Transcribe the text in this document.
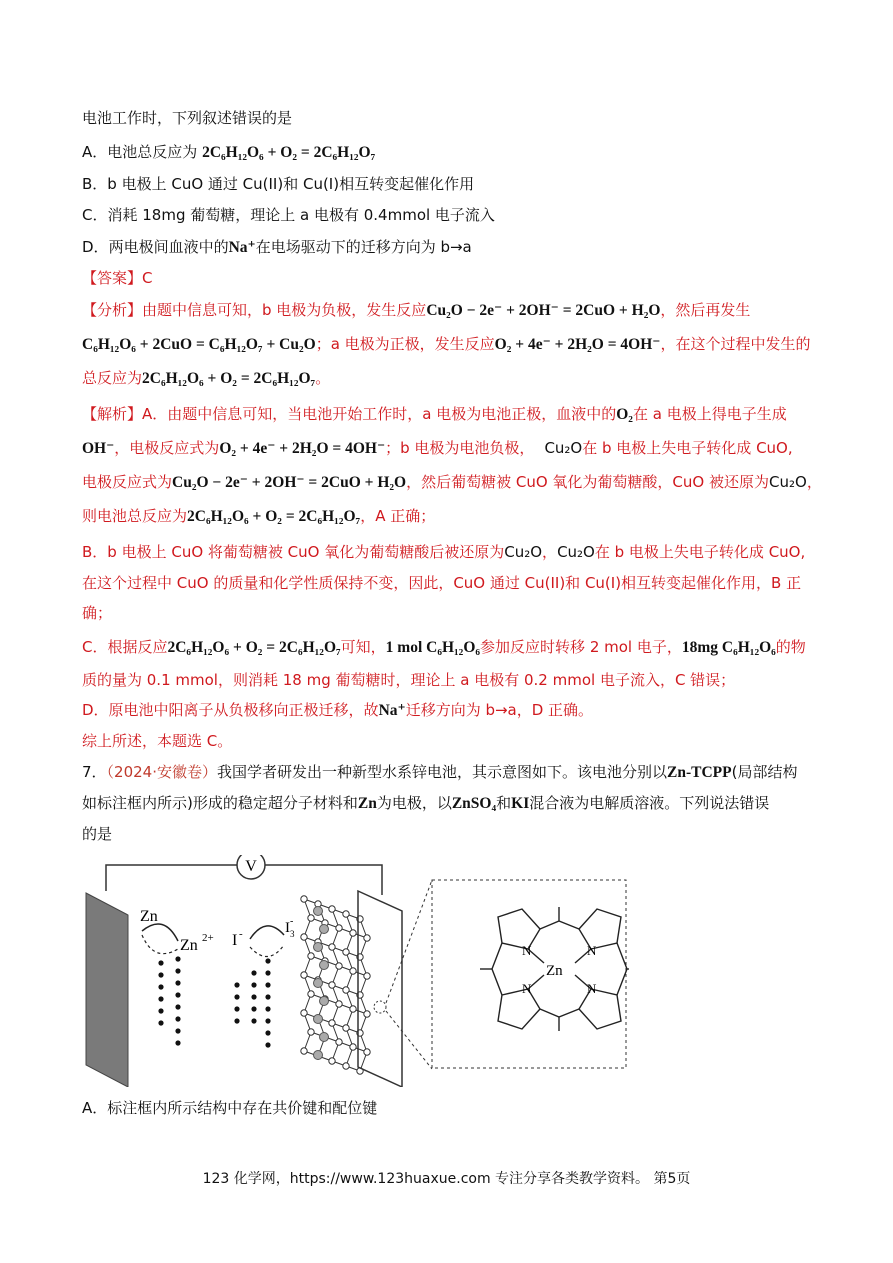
电池工作时，下列叙述错误的是
A．电池总反应为 2C₆H₁₂O₆ + O₂ = 2C₆H₁₂O₇
B．b 电极上 CuO 通过 Cu(II)和 Cu(I)相互转变起催化作用
C．消耗 18mg 葡萄糖，理论上 a 电极有 0.4mmol 电子流入
D．两电极间血液中的Na⁺在电场驱动下的迁移方向为 b→a
【答案】C
【分析】由题中信息可知，b 电极为负极，发生反应Cu₂O − 2e⁻ + 2OH⁻ = 2CuO + H₂O，然后再发生
C₆H₁₂O₆ + 2CuO = C₆H₁₂O₇ + Cu₂O；a 电极为正极，发生反应O₂ + 4e⁻ + 2H₂O = 4OH⁻，在这个过程中发生的
总反应为2C₆H₁₂O₆ + O₂ = 2C₆H₁₂O₇。
【解析】A．由题中信息可知，当电池开始工作时，a 电极为电池正极，血液中的O₂在 a 电极上得电子生成
OH⁻，电极反应式为O₂ + 4e⁻ + 2H₂O = 4OH⁻；b 电极为电池负极， Cu₂O在 b 电极上失电子转化成 CuO,
电极反应式为Cu₂O − 2e⁻ + 2OH⁻ = 2CuO + H₂O，然后葡萄糖被 CuO 氧化为葡萄糖酸，CuO 被还原为Cu₂O，
则电池总反应为2C₆H₁₂O₆ + O₂ = 2C₆H₁₂O₇，A 正确；
B．b 电极上 CuO 将葡萄糖被 CuO 氧化为葡萄糖酸后被还原为Cu₂O，Cu₂O在 b 电极上失电子转化成 CuO,
在这个过程中 CuO 的质量和化学性质保持不变，因此，CuO 通过 Cu(II)和 Cu(I)相互转变起催化作用，B 正
确；
C．根据反应2C₆H₁₂O₆ + O₂ = 2C₆H₁₂O₇可知，1 mol C₆H₁₂O₆参加反应时转移 2 mol 电子，18mg C₆H₁₂O₆的物
质的量为 0.1 mmol，则消耗 18 mg 葡萄糖时，理论上 a 电极有 0.2 mmol 电子流入，C 错误；
D．原电池中阳离子从负极移向正极迁移，故Na⁺迁移方向为 b→a，D 正确。
综上所述，本题选 C。
7．（2024·安徽卷）我国学者研发出一种新型水系锌电池，其示意图如下。该电池分别以Zn-TCPP(局部结构
如标注框内所示)形成的稳定超分子材料和Zn为电极，以ZnSO₄和KI混合液为电解质溶液。下列说法错误
的是
V
Zn
Zn 2+ I -	I 3
-
N	N
N	N
Zn
A．标注框内所示结构中存在共价键和配位键
123 化学网，https://www.123huaxue.com 专注分享各类教学资料。 第5页
